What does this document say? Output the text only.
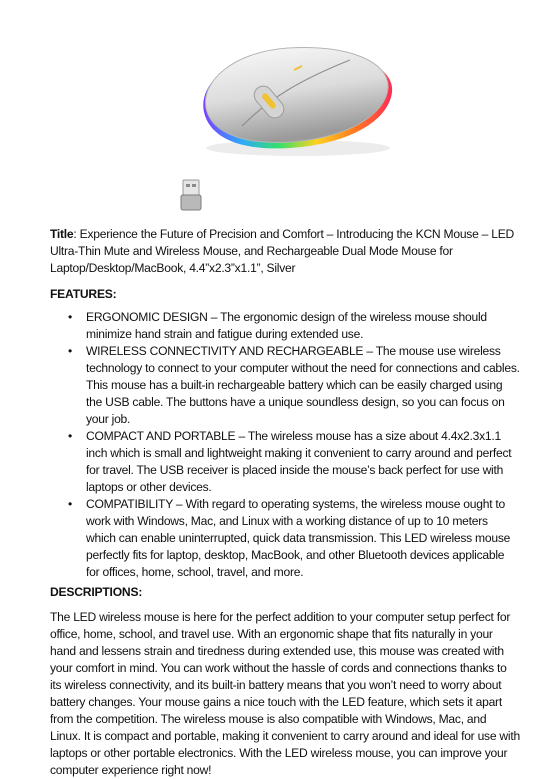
Title: Experience the Future of Precision and Comfort – Introducing the KCN Mouse – LED Ultra-Thin Mute and Wireless Mouse, and Rechargeable Dual Mode Mouse for Laptop/Desktop/MacBook, 4.4”x2.3”x1.1”, Silver

FEATURES:
• ERGONOMIC DESIGN – The ergonomic design of the wireless mouse should minimize hand strain and fatigue during extended use.
• WIRELESS CONNECTIVITY AND RECHARGEABLE – The mouse use wireless technology to connect to your computer without the need for connections and cables. This mouse has a built-in rechargeable battery which can be easily charged using the USB cable. The buttons have a unique soundless design, so you can focus on your job.
• COMPACT AND PORTABLE – The wireless mouse has a size about 4.4x2.3x1.1 inch which is small and lightweight making it convenient to carry around and perfect for travel. The USB receiver is placed inside the mouse’s back perfect for use with laptops or other devices.
• COMPATIBILITY – With regard to operating systems, the wireless mouse ought to work with Windows, Mac, and Linux with a working distance of up to 10 meters which can enable uninterrupted, quick data transmission. This LED wireless mouse perfectly fits for laptop, desktop, MacBook, and other Bluetooth devices applicable for offices, home, school, travel, and more.
DESCRIPTIONS:

The LED wireless mouse is here for the perfect addition to your computer setup perfect for office, home, school, and travel use. With an ergonomic shape that fits naturally in your hand and lessens strain and tiredness during extended use, this mouse was created with your comfort in mind. You can work without the hassle of cords and connections thanks to its wireless connectivity, and its built-in battery means that you won’t need to worry about battery changes. Your mouse gains a nice touch with the LED feature, which sets it apart from the competition. The wireless mouse is also compatible with Windows, Mac, and Linux. It is compact and portable, making it convenient to carry around and ideal for use with laptops or other portable electronics. With the LED wireless mouse, you can improve your computer experience right now!
